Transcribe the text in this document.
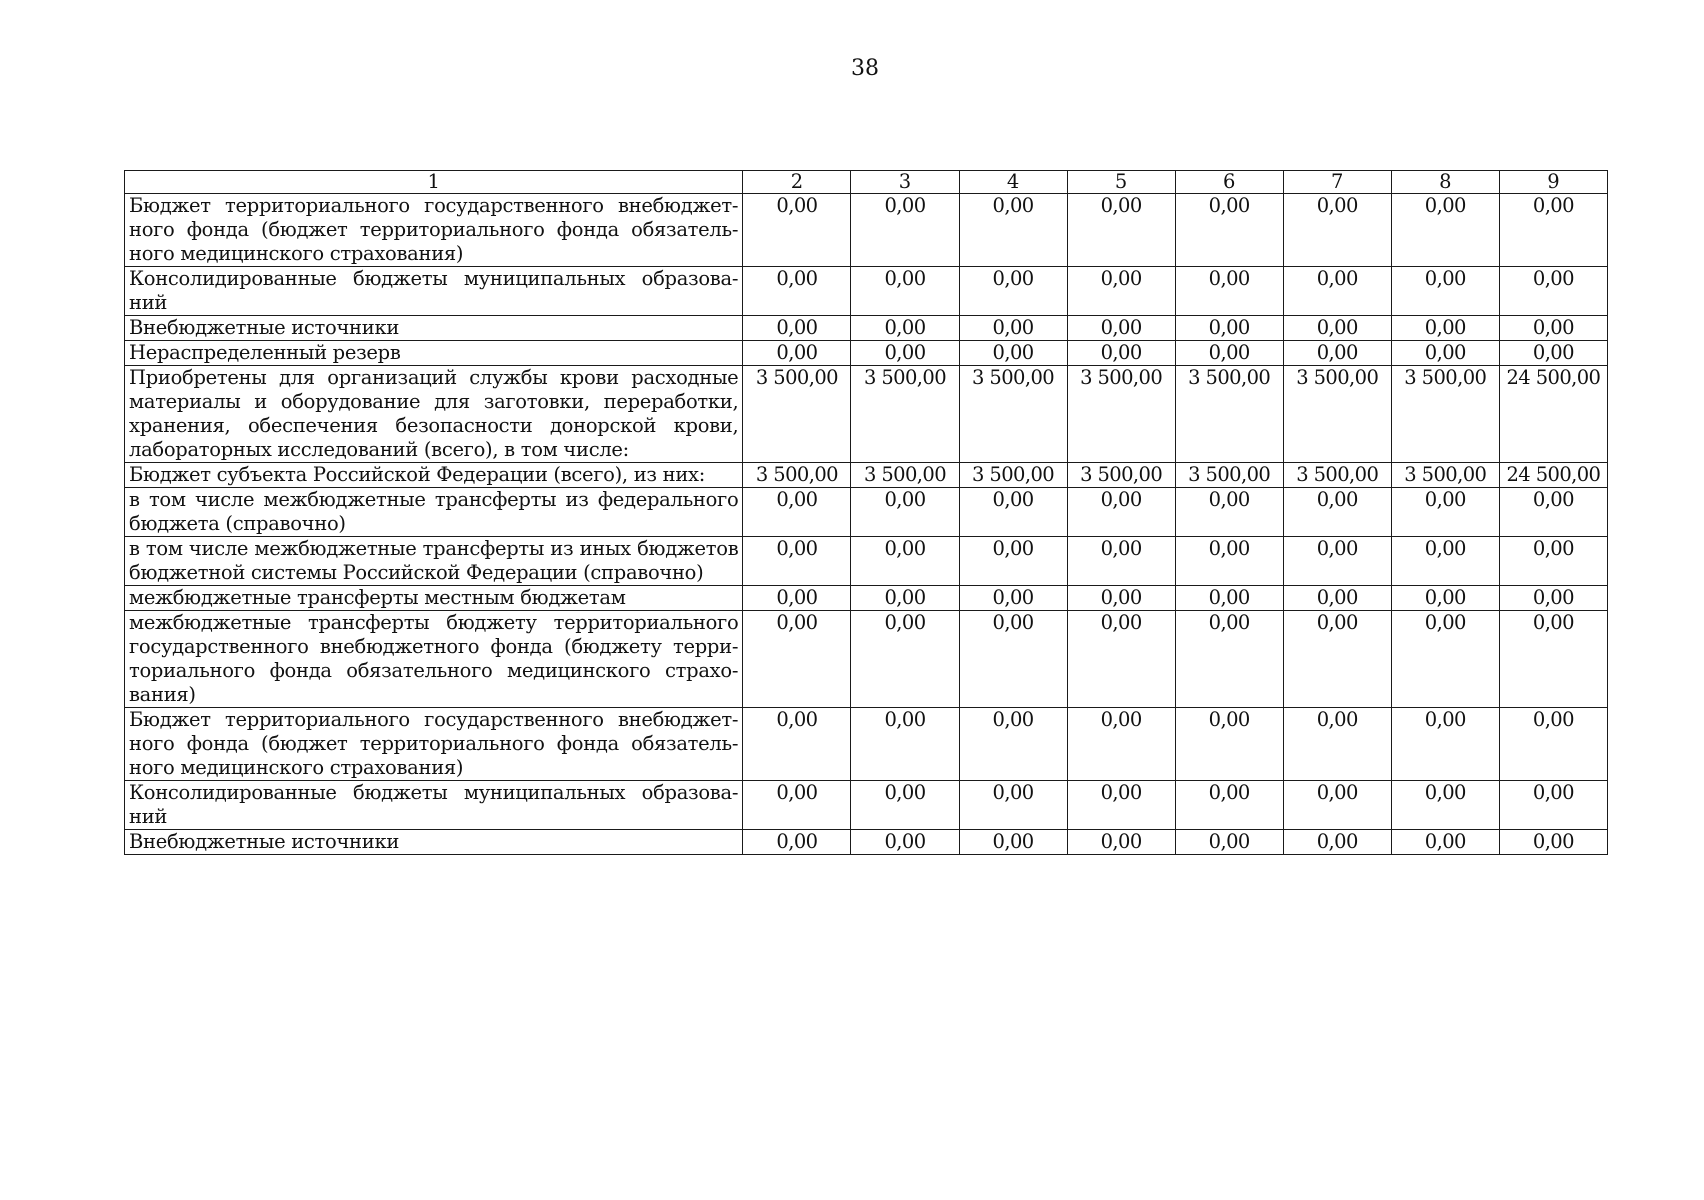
38
1	2	3	4	5	6	7	8	9
Бюджет территориального государственного внебюджетного фонда (бюджет территориального фонда обязательного медицинского страхования)	0,00	0,00	0,00	0,00	0,00	0,00	0,00	0,00
Консолидированные бюджеты муниципальных образований	0,00	0,00	0,00	0,00	0,00	0,00	0,00	0,00
Внебюджетные источники	0,00	0,00	0,00	0,00	0,00	0,00	0,00	0,00
Нераспределенный резерв	0,00	0,00	0,00	0,00	0,00	0,00	0,00	0,00
Приобретены для организаций службы крови расходные материалы и оборудование для заготовки, переработки, хранения, обеспечения безопасности донорской крови, лабораторных исследований (всего), в том числе:	3 500,00	3 500,00	3 500,00	3 500,00	3 500,00	3 500,00	3 500,00	24 500,00
Бюджет субъекта Российской Федерации (всего), из них:	3 500,00	3 500,00	3 500,00	3 500,00	3 500,00	3 500,00	3 500,00	24 500,00
в том числе межбюджетные трансферты из федерального бюджета (справочно)	0,00	0,00	0,00	0,00	0,00	0,00	0,00	0,00
в том числе межбюджетные трансферты из иных бюджетов бюджетной системы Российской Федерации (справочно)	0,00	0,00	0,00	0,00	0,00	0,00	0,00	0,00
межбюджетные трансферты местным бюджетам	0,00	0,00	0,00	0,00	0,00	0,00	0,00	0,00
межбюджетные трансферты бюджету территориального государственного внебюджетного фонда (бюджету территориального фонда обязательного медицинского страхования)	0,00	0,00	0,00	0,00	0,00	0,00	0,00	0,00
Бюджет территориального государственного внебюджетного фонда (бюджет территориального фонда обязательного медицинского страхования)	0,00	0,00	0,00	0,00	0,00	0,00	0,00	0,00
Консолидированные бюджеты муниципальных образований	0,00	0,00	0,00	0,00	0,00	0,00	0,00	0,00
Внебюджетные источники	0,00	0,00	0,00	0,00	0,00	0,00	0,00	0,00
